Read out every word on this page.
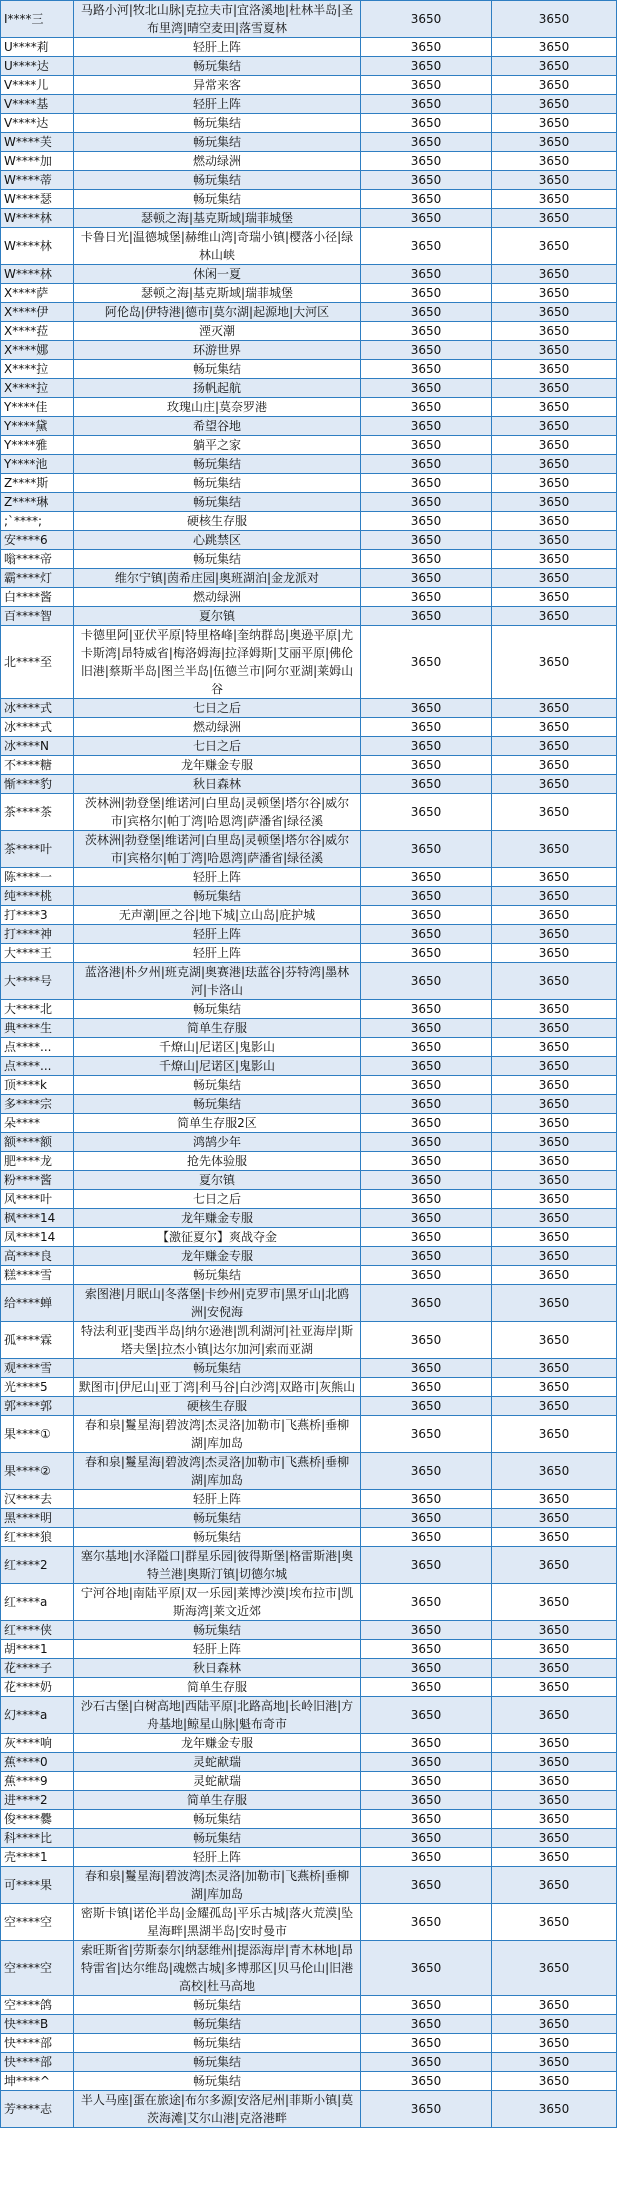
I****三	马路小河|牧北山脉|克拉夫市|宜洛溪地|杜林半岛|圣布里湾|晴空麦田|落雪夏林	3650	3650
U****莉	轻肝上阵	3650	3650
U****达	畅玩集结	3650	3650
V****儿	异常来客	3650	3650
V****基	轻肝上阵	3650	3650
V****达	畅玩集结	3650	3650
W****芙	畅玩集结	3650	3650
W****加	燃动绿洲	3650	3650
W****蒂	畅玩集结	3650	3650
W****瑟	畅玩集结	3650	3650
W****林	瑟顿之海|基克斯域|瑞菲城堡	3650	3650
W****林	卡鲁日光|温德城堡|赫维山湾|奇瑞小镇|樱落小径|绿林山峡	3650	3650
W****林	休闲一夏	3650	3650
X****萨	瑟顿之海|基克斯域|瑞菲城堡	3650	3650
X****伊	阿伦岛|伊特港|德市|莫尔湖|起源地|大河区	3650	3650
X****菈	湮灭潮	3650	3650
X****娜	环游世界	3650	3650
X****拉	畅玩集结	3650	3650
X****拉	扬帆起航	3650	3650
Y****佳	玫瑰山庄|莫奈罗港	3650	3650
Y****黛	希望谷地	3650	3650
Y****雅	躺平之家	3650	3650
Y****池	畅玩集结	3650	3650
Z****斯	畅玩集结	3650	3650
Z****琳	畅玩集结	3650	3650
;`****;	硬核生存服	3650	3650
安****6	心跳禁区	3650	3650
嗡****帝	畅玩集结	3650	3650
霸****灯	维尔宁镇|茵希庄园|奥班湖泊|金龙派对	3650	3650
白****酱	燃动绿洲	3650	3650
百****智	夏尔镇	3650	3650
北****至	卡德里阿|亚伏平原|特里格峰|奎纳群岛|奥逊平原|尤卡斯湾|昂特威省|梅洛姆海|拉泽姆斯|艾丽平原|佛伦旧港|蔡斯半岛|图兰半岛|伍德兰市|阿尔亚湖|莱姆山谷	3650	3650
冰****式	七日之后	3650	3650
冰****式	燃动绿洲	3650	3650
冰****N	七日之后	3650	3650
不****糖	龙年赚金专服	3650	3650
惭****豹	秋日森林	3650	3650
茶****茶	茨林洲|勃登堡|维诺河|白里岛|灵顿堡|塔尔谷|威尔市|宾格尔|帕丁湾|哈恩湾|萨潘省|绿径溪	3650	3650
茶****叶	茨林洲|勃登堡|维诺河|白里岛|灵顿堡|塔尔谷|威尔市|宾格尔|帕丁湾|哈恩湾|萨潘省|绿径溪	3650	3650
陈****一	轻肝上阵	3650	3650
纯****桃	畅玩集结	3650	3650
打****3	无声潮|匣之谷|地下城|立山岛|庇护城	3650	3650
打****神	轻肝上阵	3650	3650
大****王	轻肝上阵	3650	3650
大****号	蓝洛港|朴夕州|班克湖|奥赛港|珐蓝谷|芬特湾|墨林河|卡洛山	3650	3650
大****北	畅玩集结	3650	3650
典****生	简单生存服	3650	3650
点****...	千燎山|尼诺区|鬼影山	3650	3650
点****...	千燎山|尼诺区|鬼影山	3650	3650
顶****k	畅玩集结	3650	3650
多****宗	畅玩集结	3650	3650
朵****	简单生存服2区	3650	3650
额****额	鸿鹄少年	3650	3650
肥****龙	抢先体验服	3650	3650
粉****酱	夏尔镇	3650	3650
风****叶	七日之后	3650	3650
枫****14	龙年赚金专服	3650	3650
凤****14	【激征夏尔】爽战夺金	3650	3650
高****良	龙年赚金专服	3650	3650
糕****雪	畅玩集结	3650	3650
给****蝉	索图港|月眠山|冬落堡|卡纱州|克罗市|黑牙山|北鸥洲|安倪海	3650	3650
孤****霖	特法利亚|斐西半岛|纳尔逊港|凯利湖河|社亚海岸|斯塔夫堡|拉杰小镇|达尔加河|索而亚湖	3650	3650
观****雪	畅玩集结	3650	3650
光****5	默图市|伊尼山|亚丁湾|利马谷|白沙湾|双路市|灰熊山	3650	3650
郭****郭	硬核生存服	3650	3650
果****①	春和泉|鬘星海|碧波湾|杰灵洛|加勒市|飞燕桥|垂柳湖|库加岛	3650	3650
果****②	春和泉|鬘星海|碧波湾|杰灵洛|加勒市|飞燕桥|垂柳湖|库加岛	3650	3650
汉****去	轻肝上阵	3650	3650
黑****明	畅玩集结	3650	3650
红****狼	畅玩集结	3650	3650
红****2	塞尔基地|水泽隘口|群星乐园|彼得斯堡|格雷斯港|奥特兰港|奥斯汀镇|切德尔城	3650	3650
红****a	宁河谷地|南陆平原|双一乐园|莱博沙漠|埃布拉市|凯斯海湾|莱文近郊	3650	3650
红****侠	畅玩集结	3650	3650
胡****1	轻肝上阵	3650	3650
花****子	秋日森林	3650	3650
花****奶	简单生存服	3650	3650
幻****a	沙石古堡|白树高地|西陆平原|北路高地|长岭旧港|方舟基地|鲸星山脉|魁布奇市	3650	3650
灰****响	龙年赚金专服	3650	3650
蕉****0	灵蛇献瑞	3650	3650
蕉****9	灵蛇献瑞	3650	3650
进****2	简单生存服	3650	3650
俊****爨	畅玩集结	3650	3650
科****比	畅玩集结	3650	3650
壳****1	轻肝上阵	3650	3650
可****果	春和泉|鬘星海|碧波湾|杰灵洛|加勒市|飞燕桥|垂柳湖|库加岛	3650	3650
空****空	密斯卡镇|诺伦半岛|金耀孤岛|平乐古城|落火荒漠|坠星海畔|黑湖半岛|安时曼市	3650	3650
空****空	索旺斯省|劳斯泰尔|纳瑟维州|提添海岸|青木林地|昂特雷省|达尔维岛|魂燃古城|多博那区|贝马伦山|旧港高校|杜马高地	3650	3650
空****鸽	畅玩集结	3650	3650
快****B	畅玩集结	3650	3650
快****部	畅玩集结	3650	3650
快****部	畅玩集结	3650	3650
坤****^	畅玩集结	3650	3650
芳****志	半人马座|蛋在旅途|布尔多源|安洛尼州|菲斯小镇|莫茨海滩|艾尔山港|克洛港畔	3650	3650
